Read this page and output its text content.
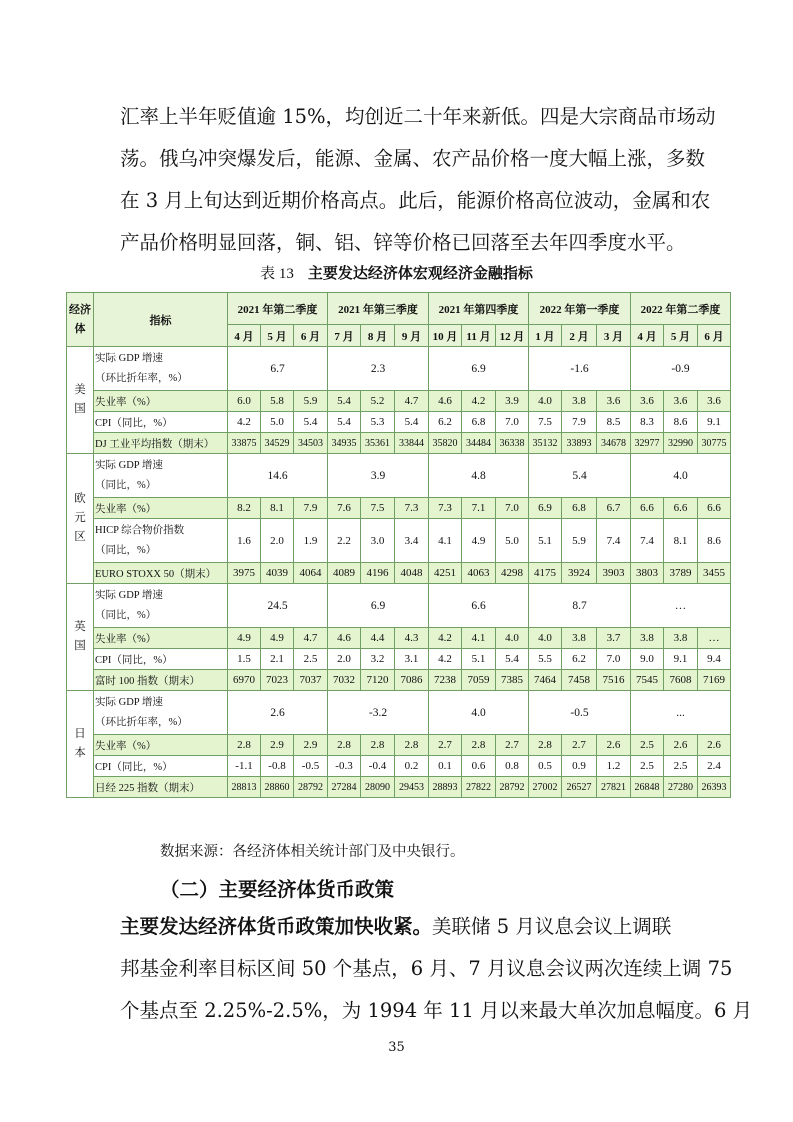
汇率上半年贬值逾 15%，均创近二十年来新低。四是大宗商品市场动

荡。俄乌冲突爆发后，能源、金属、农产品价格一度大幅上涨，多数

在 3 月上旬达到近期价格高点。此后，能源价格高位波动，金属和农

产品价格明显回落，铜、铝、锌等价格已回落至去年四季度水平。

表 13 主要发达经济体宏观经济金融指标
经济体	指标	2021 年第二季度			2021 年第三季度			2021 年第四季度			2022 年第一季度			2022 年第二季度		
		4 月	5 月	6 月	7 月	8 月	9 月	10 月	11 月	12 月	1 月	2 月	3 月	4 月	5 月	6 月
美国	实际 GDP 增速
（环比折年率，%）	6.7			2.3			6.9			-1.6			-0.9		
	失业率（%）	6.0	5.8	5.9	5.4	5.2	4.7	4.6	4.2	3.9	4.0	3.8	3.6	3.6	3.6	3.6
	CPI（同比，%）	4.2	5.0	5.4	5.4	5.3	5.4	6.2	6.8	7.0	7.5	7.9	8.5	8.3	8.6	9.1
	DJ 工业平均指数（期末）	33875	34529	34503	34935	35361	33844	35820	34484	36338	35132	33893	34678	32977	32990	30775
欧元区	实际 GDP 增速
（同比，%）	14.6			3.9			4.8			5.4			4.0		
	失业率（%）	8.2	8.1	7.9	7.6	7.5	7.3	7.3	7.1	7.0	6.9	6.8	6.7	6.6	6.6	6.6

	HICP 综合物价指数
（同比，%）	1.6	2.0	1.9	2.2	3.0	3.4	4.1	4.9	5.0	5.1	5.9	7.4	7.4	8.1	8.6
	EURO STOXX 50（期末）	3975	4039	4064	4089	4196	4048	4251	4063	4298	4175	3924	3903	3803	3789	3455
英国	实际 GDP 增速
（同比，%）	24.5			6.9			6.6			8.7			…		
	失业率（%）	4.9	4.9	4.7	4.6	4.4	4.3	4.2	4.1	4.0	4.0	3.8	3.7	3.8	3.8	…
	CPI（同比，%）	1.5	2.1	2.5	2.0	3.2	3.1	4.2	5.1	5.4	5.5	6.2	7.0	9.0	9.1	9.4
	富时 100 指数（期末）	6970	7023	7037	7032	7120	7086	7238	7059	7385	7464	7458	7516	7545	7608	7169
日本	实际 GDP 增速
（环比折年率，%）	2.6			-3.2			4.0			-0.5			...		
	失业率（%）	2.8	2.9	2.9	2.8	2.8	2.8	2.7	2.8	2.7	2.8	2.7	2.6	2.5	2.6	2.6
	CPI（同比，%）	-1.1	-0.8	-0.5	-0.3	-0.4	0.2	0.1	0.6	0.8	0.5	0.9	1.2	2.5	2.5	2.4
	日经 225 指数（期末）	28813	28860	28792	27284	28090	29453	28893	27822	28792	27002	26527	27821	26848	27280	26393
数据来源：各经济体相关统计部门及中央银行。
（二）主要经济体货币政策

主要发达经济体货币政策加快收紧。美联储 5 月议息会议上调联

邦基金利率目标区间 50 个基点，6 月、7 月议息会议两次连续上调 75

个基点至 2.25%-2.5%，为 1994 年 11 月以来最大单次加息幅度。6 月

35
